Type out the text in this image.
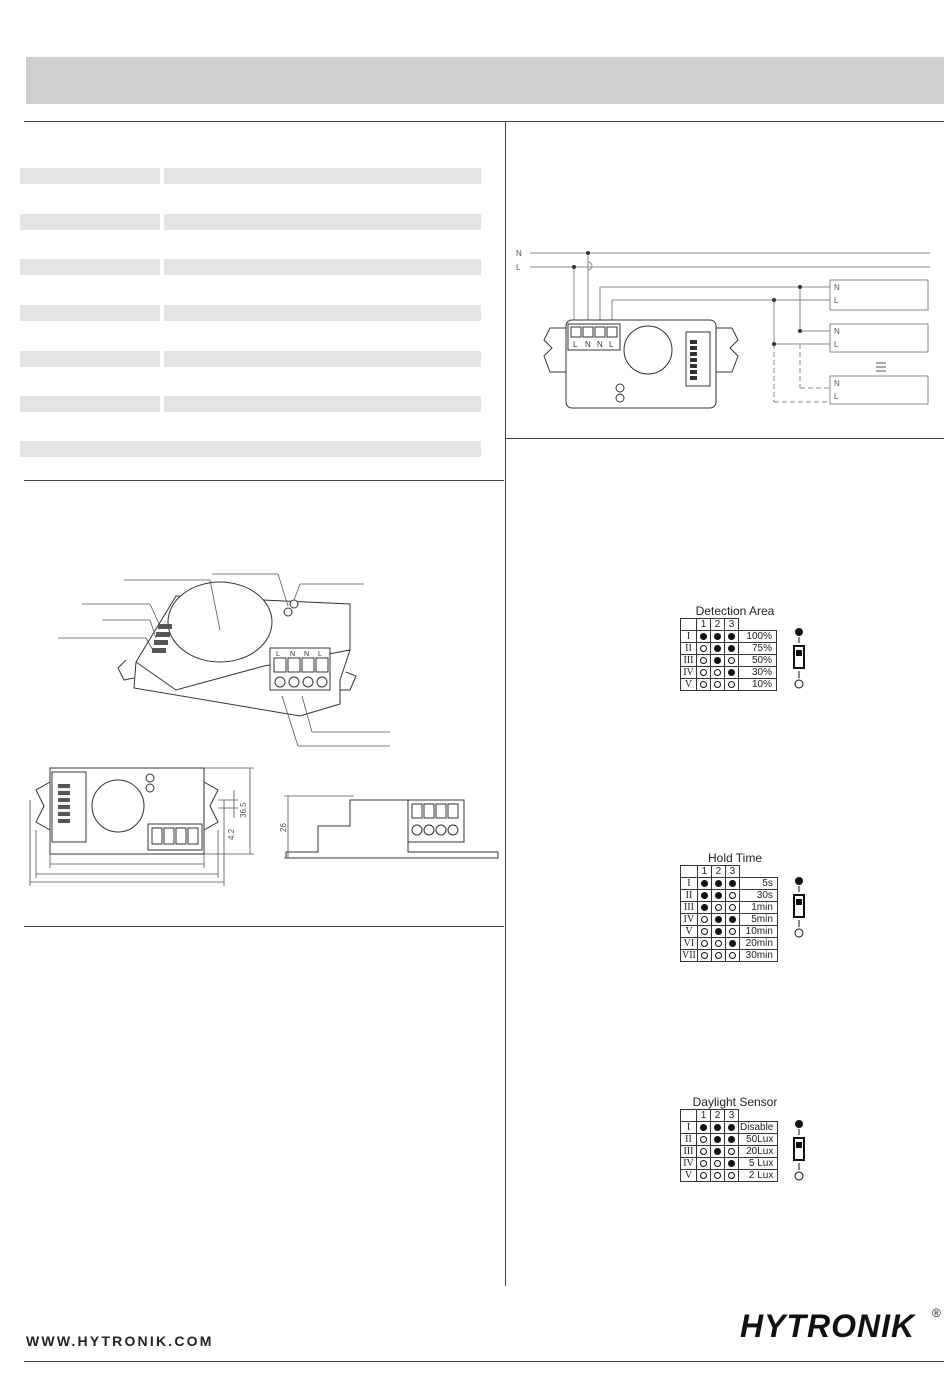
N
L
N
L
N
L
N
L
L N N L
L N N L
36.5
4.2
26
Detection Area
	1	2	3	
I				100%
II				75%
III				50%
IV				30%
V				10%
Hold Time
	1	2	3	
I				5s
II				30s
III				1min
IV				5min
V				10min
VI				20min
VII				30min
Daylight Sensor
	1	2	3	
I				Disable
II				50Lux
III				20Lux
IV				5 Lux
V				2 Lux
WWW.HYTRONIK.COM	HYTRONIK ®
